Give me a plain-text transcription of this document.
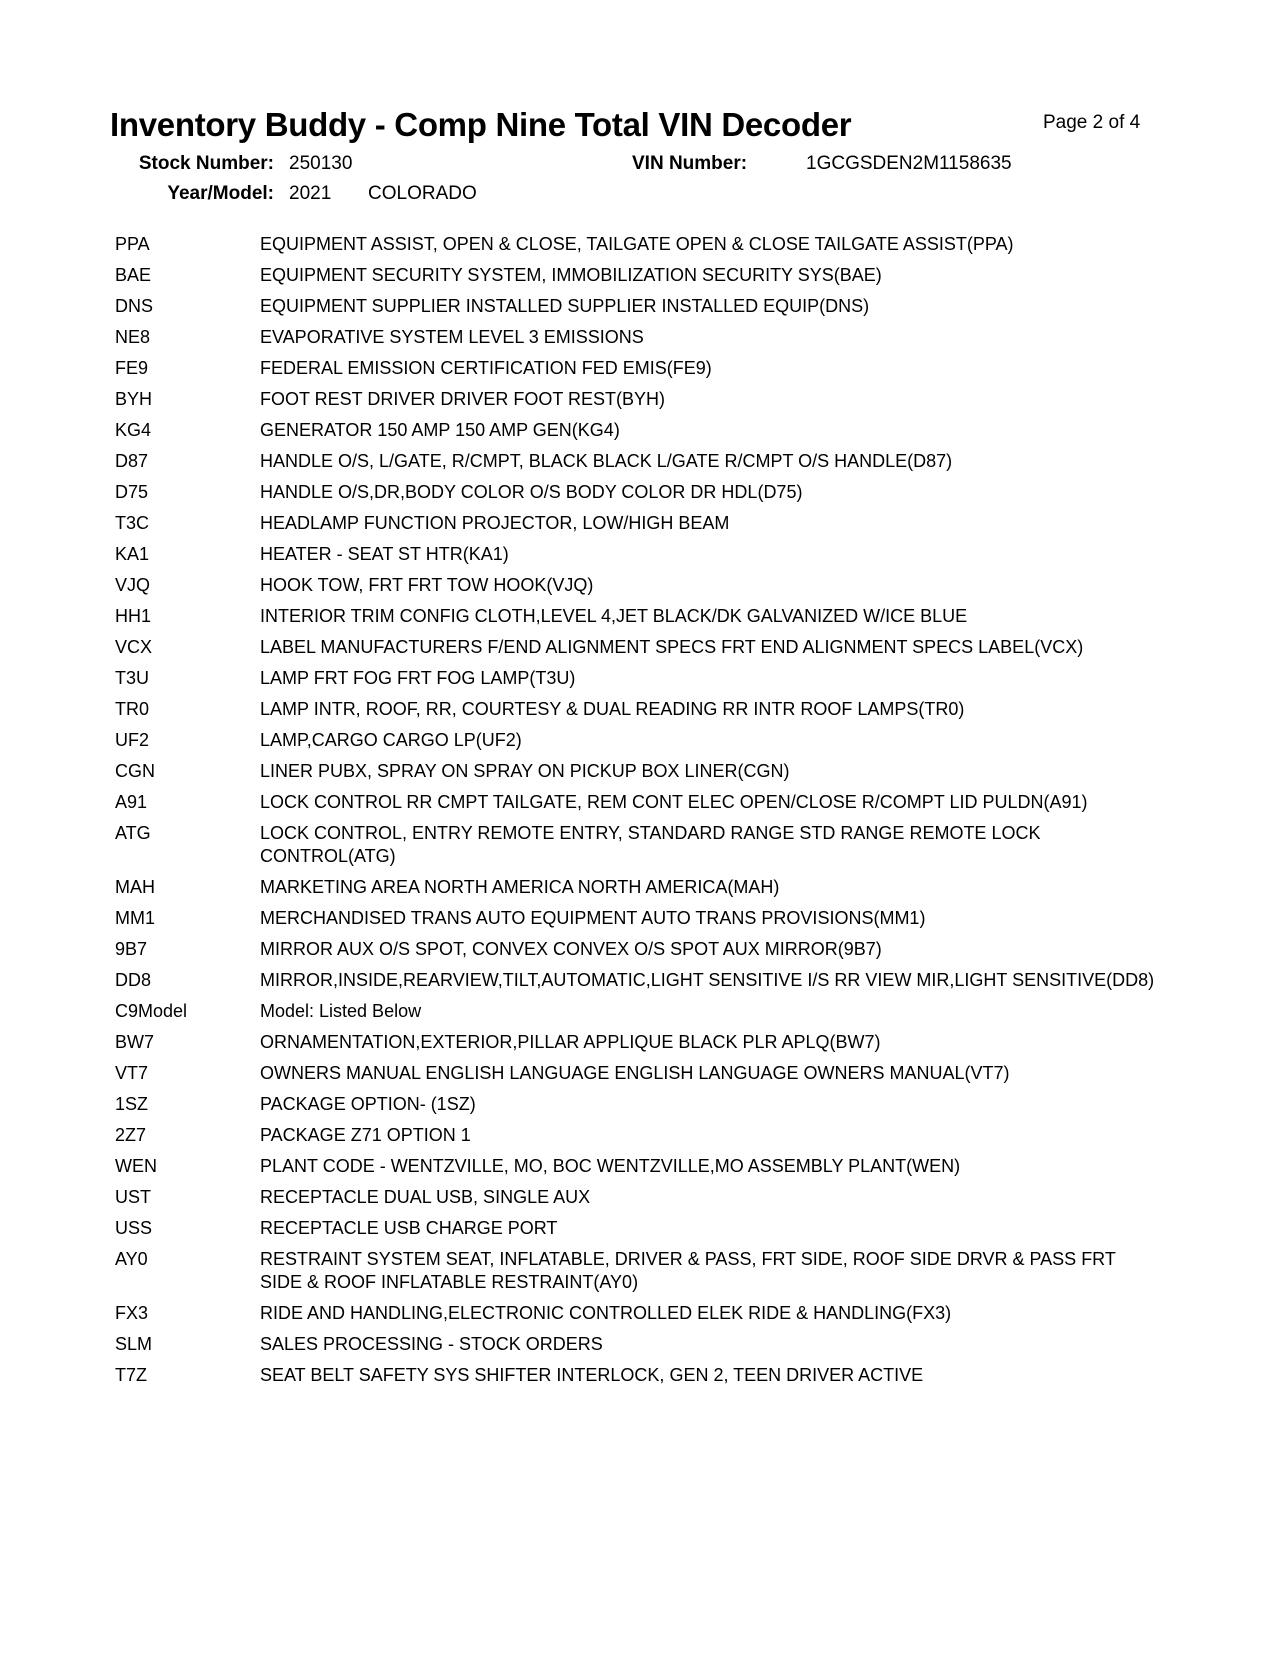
Inventory Buddy - Comp Nine Total VIN Decoder	Page 2 of 4
Stock Number: 250130	VIN Number:	1GCGSDEN2M1158635
Year/Model: 2021 COLORADO
PPA	EQUIPMENT ASSIST, OPEN & CLOSE, TAILGATE OPEN & CLOSE TAILGATE ASSIST(PPA)
BAE	EQUIPMENT SECURITY SYSTEM, IMMOBILIZATION SECURITY SYS(BAE)
DNS	EQUIPMENT SUPPLIER INSTALLED SUPPLIER INSTALLED EQUIP(DNS)
NE8	EVAPORATIVE SYSTEM LEVEL 3 EMISSIONS
FE9	FEDERAL EMISSION CERTIFICATION FED EMIS(FE9)
BYH	FOOT REST DRIVER DRIVER FOOT REST(BYH)
KG4	GENERATOR 150 AMP 150 AMP GEN(KG4)
D87	HANDLE O/S, L/GATE, R/CMPT, BLACK BLACK L/GATE R/CMPT O/S HANDLE(D87)
D75	HANDLE O/S,DR,BODY COLOR O/S BODY COLOR DR HDL(D75)
T3C	HEADLAMP FUNCTION PROJECTOR, LOW/HIGH BEAM
KA1	HEATER - SEAT ST HTR(KA1)
VJQ	HOOK TOW, FRT FRT TOW HOOK(VJQ)
HH1	INTERIOR TRIM CONFIG CLOTH,LEVEL 4,JET BLACK/DK GALVANIZED W/ICE BLUE
VCX	LABEL MANUFACTURERS F/END ALIGNMENT SPECS FRT END ALIGNMENT SPECS LABEL(VCX)
T3U	LAMP FRT FOG FRT FOG LAMP(T3U)
TR0	LAMP INTR, ROOF, RR, COURTESY & DUAL READING RR INTR ROOF LAMPS(TR0)
UF2	LAMP,CARGO CARGO LP(UF2)
CGN	LINER PUBX, SPRAY ON SPRAY ON PICKUP BOX LINER(CGN)
A91	LOCK CONTROL RR CMPT TAILGATE, REM CONT ELEC OPEN/CLOSE R/COMPT LID PULDN(A91)
ATG	LOCK CONTROL, ENTRY REMOTE ENTRY, STANDARD RANGE STD RANGE REMOTE LOCK CONTROL(ATG)
MAH	MARKETING AREA NORTH AMERICA NORTH AMERICA(MAH)
MM1	MERCHANDISED TRANS AUTO EQUIPMENT AUTO TRANS PROVISIONS(MM1)
9B7	MIRROR AUX O/S SPOT, CONVEX CONVEX O/S SPOT AUX MIRROR(9B7)
DD8	MIRROR,INSIDE,REARVIEW,TILT,AUTOMATIC,LIGHT SENSITIVE I/S RR VIEW MIR,LIGHT SENSITIVE(DD8)
C9Model	Model: Listed Below
BW7	ORNAMENTATION,EXTERIOR,PILLAR APPLIQUE BLACK PLR APLQ(BW7)
VT7	OWNERS MANUAL ENGLISH LANGUAGE ENGLISH LANGUAGE OWNERS MANUAL(VT7)
1SZ	PACKAGE OPTION- (1SZ)
2Z7	PACKAGE Z71 OPTION 1
WEN	PLANT CODE - WENTZVILLE, MO, BOC WENTZVILLE,MO ASSEMBLY PLANT(WEN)
UST	RECEPTACLE DUAL USB, SINGLE AUX
USS	RECEPTACLE USB CHARGE PORT
AY0	RESTRAINT SYSTEM SEAT, INFLATABLE, DRIVER & PASS, FRT SIDE, ROOF SIDE DRVR & PASS FRT SIDE & ROOF INFLATABLE RESTRAINT(AY0)
FX3	RIDE AND HANDLING,ELECTRONIC CONTROLLED ELEK RIDE & HANDLING(FX3)
SLM	SALES PROCESSING - STOCK ORDERS
T7Z	SEAT BELT SAFETY SYS SHIFTER INTERLOCK, GEN 2, TEEN DRIVER ACTIVE
